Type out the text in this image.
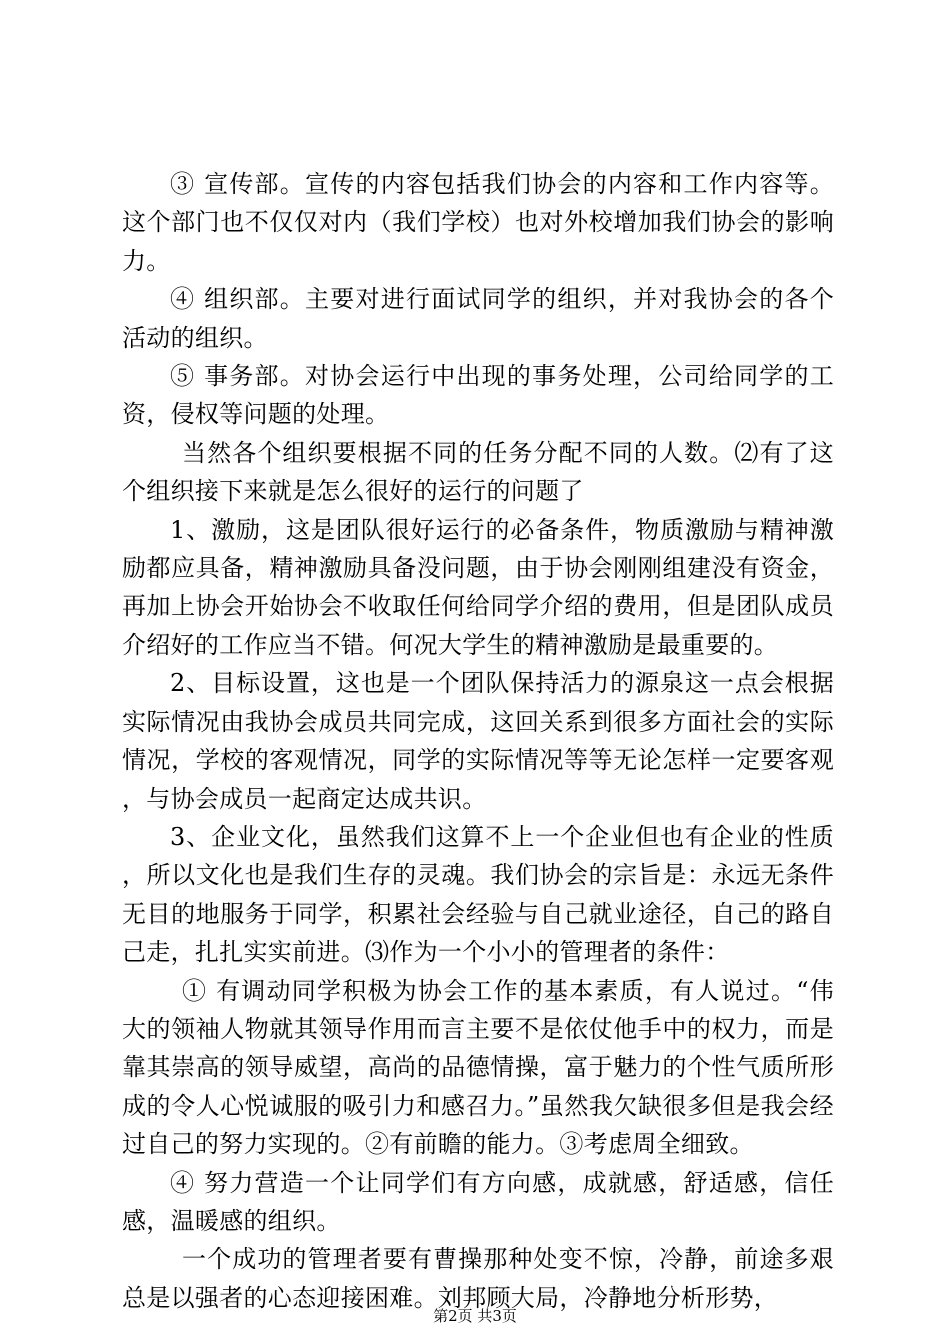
③ 宣传部。宣传的内容包括我们协会的内容和工作内容等。这个部门也不仅仅对内（我们学校）也对外校增加我们协会的影响力。

④ 组织部。主要对进行面试同学的组织，并对我协会的各个活动的组织。

⑤ 事务部。对协会运行中出现的事务处理，公司给同学的工资，侵权等问题的处理。

当然各个组织要根据不同的任务分配不同的人数。⑵有了这个组织接下来就是怎么很好的运行的问题了

1、激励，这是团队很好运行的必备条件，物质激励与精神激励都应具备，精神激励具备没问题，由于协会刚刚组建没有资金，再加上协会开始协会不收取任何给同学介绍的费用，但是团队成员介绍好的工作应当不错。何况大学生的精神激励是最重要的。

2、目标设置，这也是一个团队保持活力的源泉这一点会根据实际情况由我协会成员共同完成，这回关系到很多方面社会的实际情况，学校的客观情况，同学的实际情况等等无论怎样一定要客观，与协会成员一起商定达成共识。

3、企业文化，虽然我们这算不上一个企业但也有企业的性质，所以文化也是我们生存的灵魂。我们协会的宗旨是：永远无条件无目的地服务于同学，积累社会经验与自己就业途径，自己的路自己走，扎扎实实前进。⑶作为一个小小的管理者的条件：

① 有调动同学积极为协会工作的基本素质，有人说过。“伟大的领袖人物就其领导作用而言主要不是依仗他手中的权力，而是靠其崇高的领导威望，高尚的品德情操，富于魅力的个性气质所形成的令人心悦诚服的吸引力和感召力。”虽然我欠缺很多但是我会经过自己的努力实现的。②有前瞻的能力。③考虑周全细致。

④ 努力营造一个让同学们有方向感，成就感，舒适感，信任感，温暖感的组织。

一个成功的管理者要有曹操那种处变不惊，冷静，前途多艰总是以强者的心态迎接困难。刘邦顾大局，冷静地分析形势，

第2页 共3页
